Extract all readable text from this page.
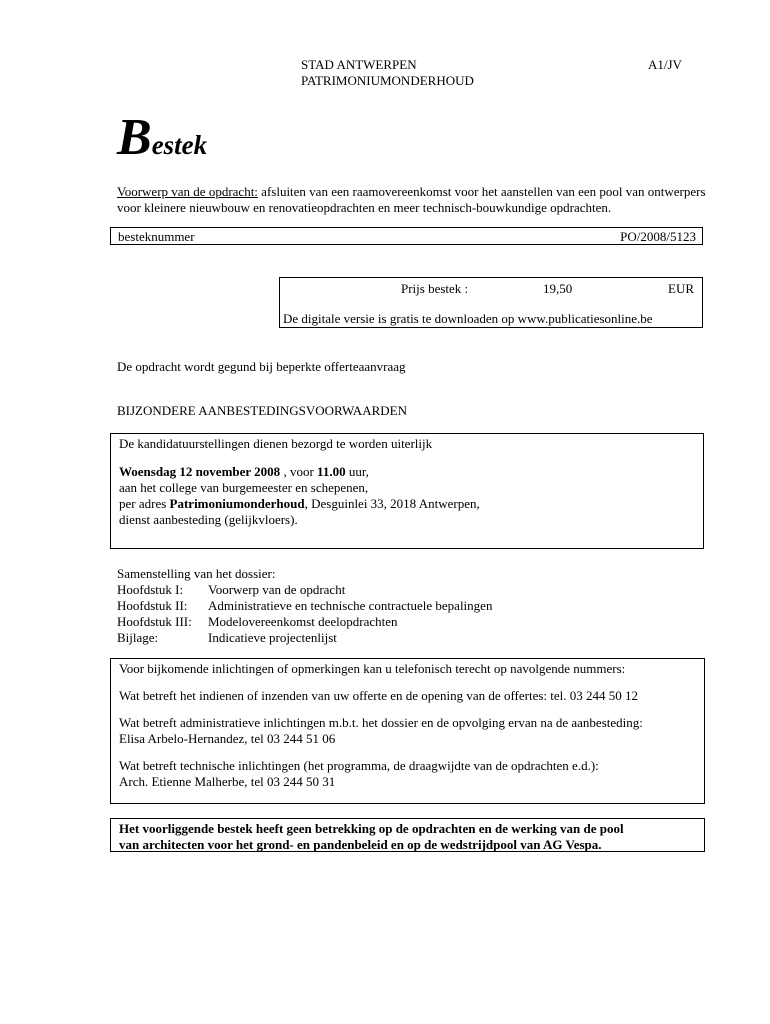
STAD ANTWERPEN
PATRIMONIUMONDERHOUD
A1/JV
Bestek
Voorwerp van de opdracht: afsluiten van een raamovereenkomst voor het aanstellen van een pool van ontwerpers voor kleinere nieuwbouw en renovatieopdrachten en meer technisch-bouwkundige opdrachten.
besteknummer	PO/2008/5123
Prijs bestek :	19,50	EUR
De digitale versie is gratis te downloaden op www.publicatiesonline.be
De opdracht wordt gegund bij beperkte offerteaanvraag
BIJZONDERE AANBESTEDINGSVOORWAARDEN

De kandidatuurstellingen dienen bezorgd te worden uiterlijk

Woensdag 12 november 2008 , voor 11.00 uur,

aan het college van burgemeester en schepenen,

per adres Patrimoniumonderhoud, Desguinlei 33, 2018 Antwerpen,

dienst aanbesteding (gelijkvloers).

Samenstelling van het dossier:
Hoofdstuk I:	Voorwerp van de opdracht
Hoofdstuk II:	Administratieve en technische contractuele bepalingen
Hoofdstuk III:	Modelovereenkomst deelopdrachten
Bijlage:	Indicatieve projectenlijst

Voor bijkomende inlichtingen of opmerkingen kan u telefonisch terecht op navolgende nummers:

Wat betreft het indienen of inzenden van uw offerte en de opening van de offertes: tel. 03 244 50 12

Wat betreft administratieve inlichtingen m.b.t. het dossier en de opvolging ervan na de aanbesteding:

Elisa Arbelo-Hernandez, tel 03 244 51 06

Wat betreft technische inlichtingen (het programma, de draagwijdte van de opdrachten e.d.):

Arch. Etienne Malherbe, tel 03 244 50 31

Het voorliggende bestek heeft geen betrekking op de opdrachten en de werking van de pool
van architecten voor het grond- en pandenbeleid en op de wedstrijdpool van AG Vespa.
